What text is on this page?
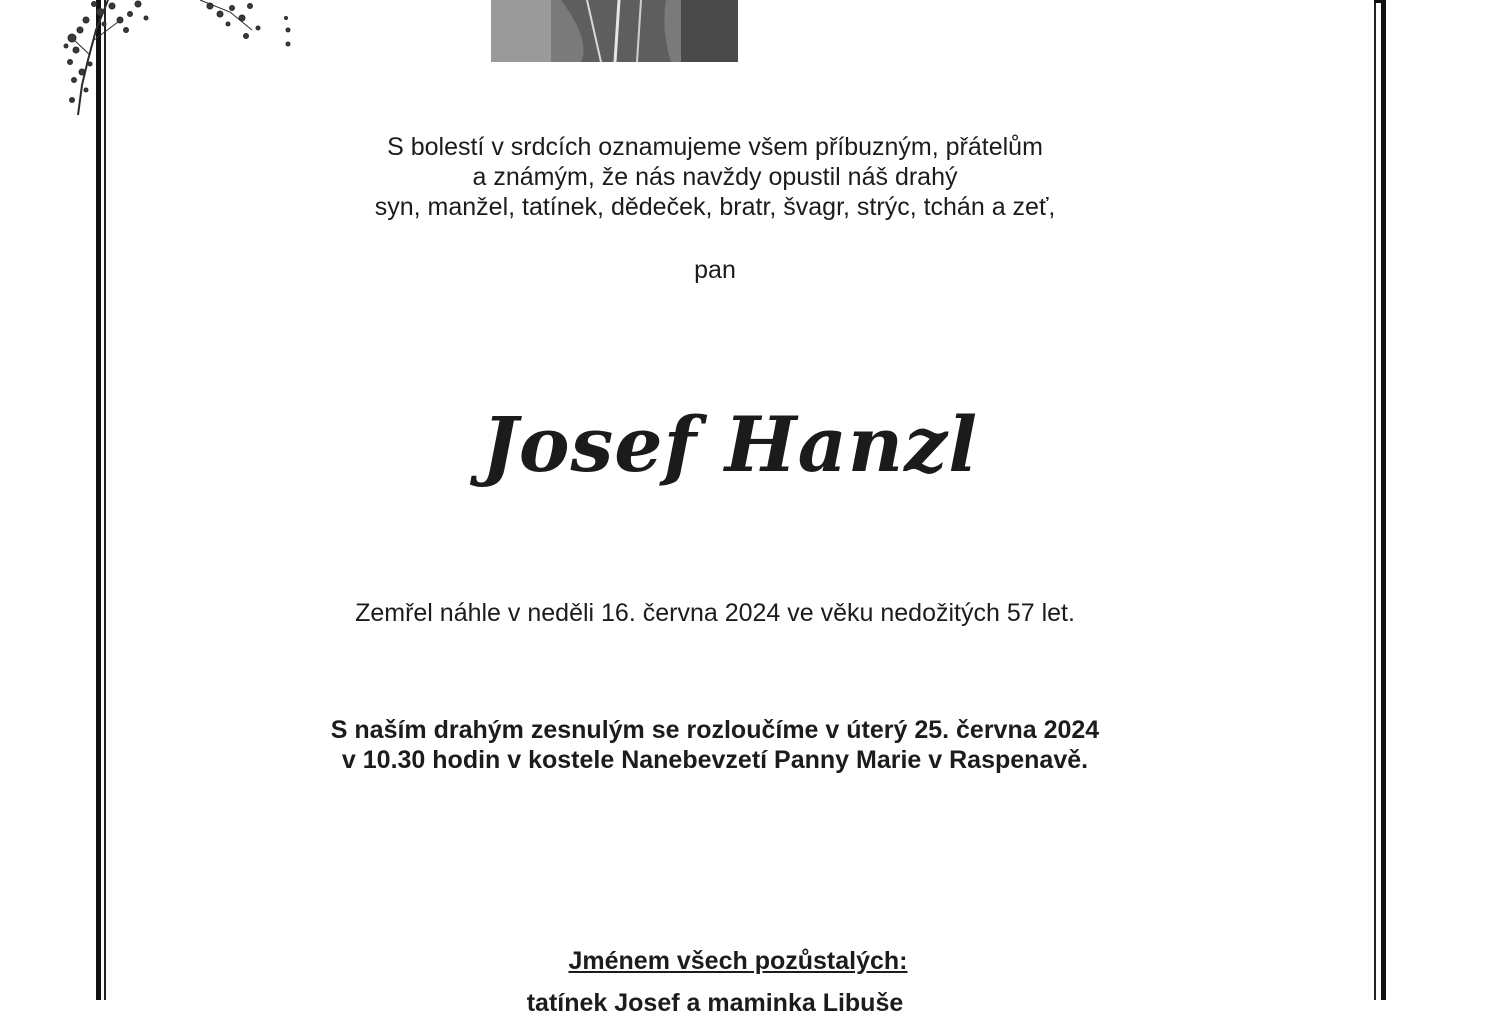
S bolestí v srdcích oznamujeme všem příbuzným, přátelům
a známým, že nás navždy opustil náš drahý
syn, manžel, tatínek, dědeček, bratr, švagr, strýc, tchán a zeť,
pan
Josef Hanzl
Zemřel náhle v neděli 16. června 2024 ve věku nedožitých 57 let.
S naším drahým zesnulým se rozloučíme v úterý 25. června 2024
v 10.30 hodin v kostele Nanebevzetí Panny Marie v Raspenavě.
Jménem všech pozůstalých:
tatínek Josef a maminka Libuše
